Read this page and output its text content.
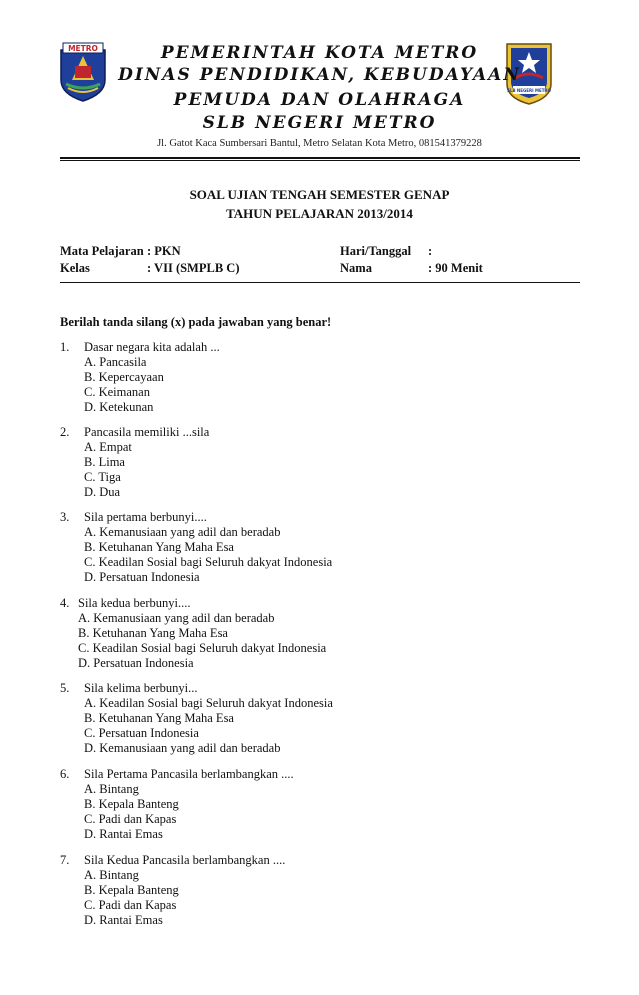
METRO
SLB NEGERI METRO
PEMERINTAH KOTA METRO
DINAS PENDIDIKAN, KEBUDAYAAN
PEMUDA DAN OLAHRAGA
SLB NEGERI METRO
Jl. Gatot Kaca Sumbersari Bantul, Metro Selatan Kota Metro, 081541379228
SOAL UJIAN TENGAH SEMESTER GENAP
TAHUN PELAJARAN 2013/2014
Mata Pelajaran : PKN
Kelas	: VII (SMPLB C)
Hari/Tanggal :
Nama	: 90 Menit
Berilah tanda silang (x) pada jawaban yang benar!
1. Dasar negara kita adalah ...
A. Pancasila
B. Kepercayaan
C. Keimanan
D. Ketekunan
2. Pancasila memiliki ...sila
A. Empat
B. Lima
C. Tiga
D. Dua
3. Sila pertama berbunyi....
A. Kemanusiaan yang adil dan beradab
B. Ketuhanan Yang Maha Esa
C. Keadilan Sosial bagi Seluruh dakyat Indonesia
D. Persatuan Indonesia
4. Sila kedua berbunyi....
A. Kemanusiaan yang adil dan beradab
B. Ketuhanan Yang Maha Esa
C. Keadilan Sosial bagi Seluruh dakyat Indonesia
D. Persatuan Indonesia
5. Sila kelima berbunyi...
A. Keadilan Sosial bagi Seluruh dakyat Indonesia
B. Ketuhanan Yang Maha Esa
C. Persatuan Indonesia
D. Kemanusiaan yang adil dan beradab
6. Sila Pertama Pancasila berlambangkan ....
A. Bintang
B. Kepala Banteng
C. Padi dan Kapas
D. Rantai Emas
7. Sila Kedua Pancasila berlambangkan ....
A. Bintang
B. Kepala Banteng
C. Padi dan Kapas
D. Rantai Emas
